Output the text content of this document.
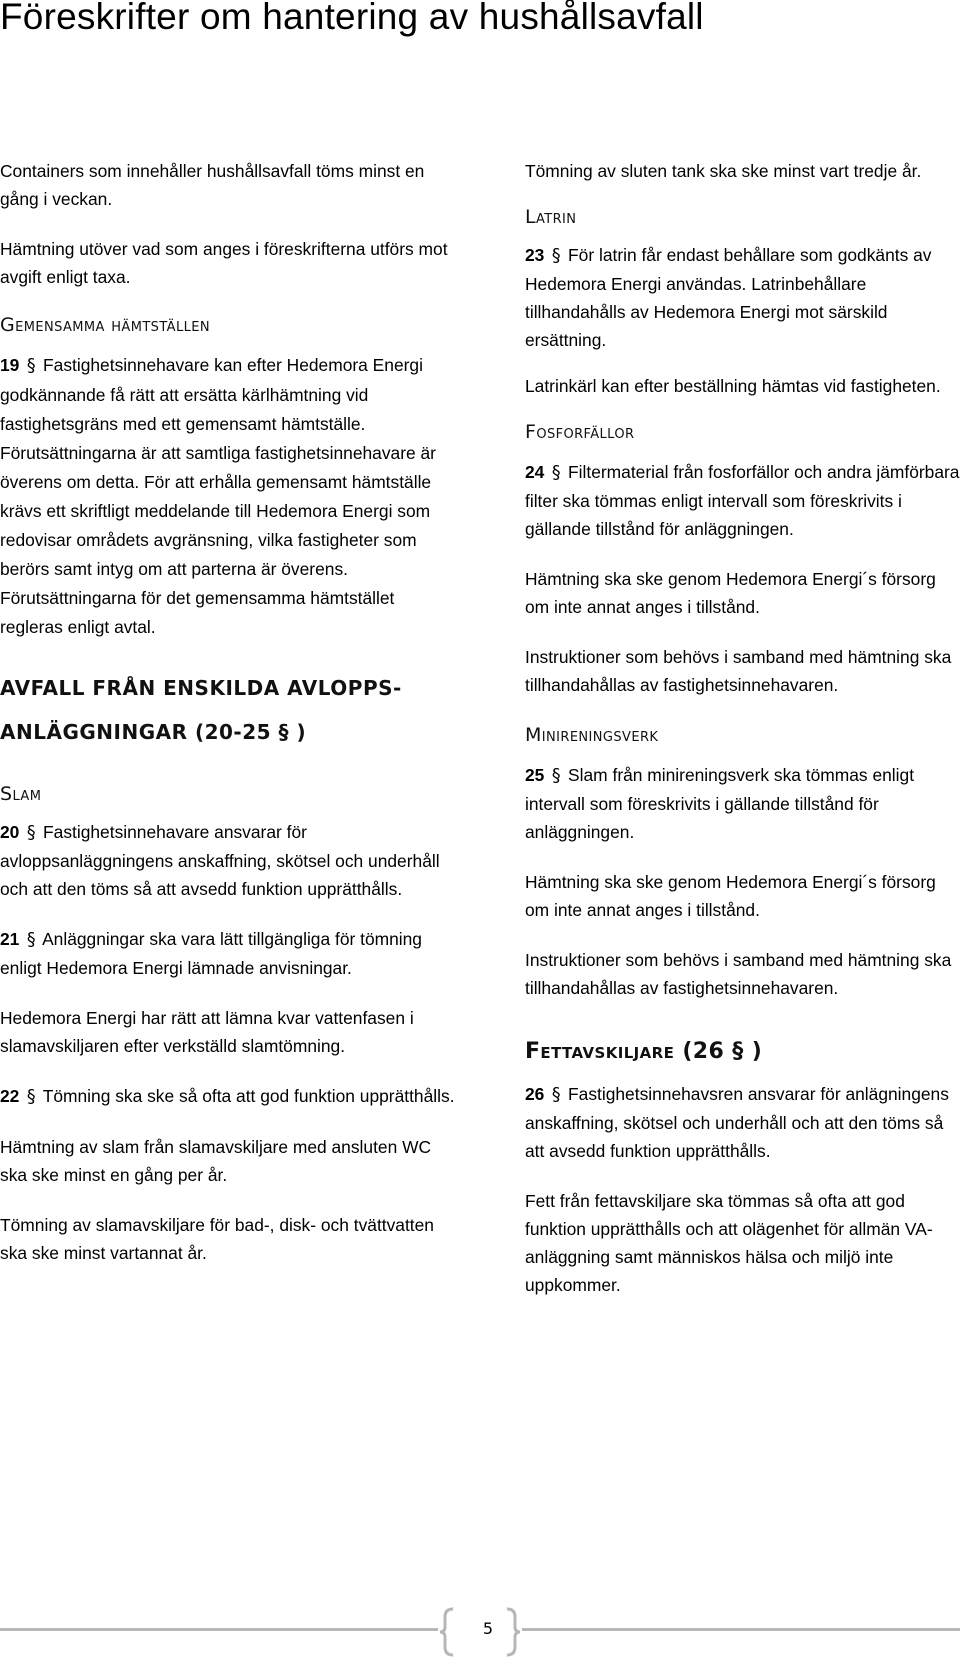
Föreskrifter om hantering av hushållsavfall

Containers som innehåller hushållsavfall töms minst en gång i veckan.

Hämtning utöver vad som anges i föreskrifterna utförs mot avgift enligt taxa.

Gemensamma hämtställen

19 § Fastighetsinnehavare kan efter Hedemora Energi godkännande få rätt att ersätta kärlhämtning vid fastighetsgräns med ett gemensamt hämtställe. Förutsättningarna är att samtliga fastighetsinnehavare är överens om detta. För att erhålla gemensamt hämtställe krävs ett skriftligt meddelande till Hedemora Energi som redovisar områdets avgränsning, vilka fastigheter som berörs samt intyg om att parterna är överens. Förutsättningarna för det gemensamma hämtstället regleras enligt avtal.

AVFALL FRÅN ENSKILDA AVLOPPS-

ANLÄGGNINGAR (20-25 § )

Slam

20 § Fastighetsinnehavare ansvarar för avloppsanläggningens anskaffning, skötsel och underhåll och att den töms så att avsedd funktion upprätthålls.

21 § Anläggningar ska vara lätt tillgängliga för tömning enligt Hedemora Energi lämnade anvisningar.

Hedemora Energi har rätt att lämna kvar vattenfasen i slamavskiljaren efter verkställd slamtömning.

22 § Tömning ska ske så ofta att god funktion upprätthålls.

Hämtning av slam från slamavskiljare med ansluten WC ska ske minst en gång per år.

Tömning av slamavskiljare för bad-, disk- och tvättvatten ska ske minst vartannat år.

Tömning av sluten tank ska ske minst vart tredje år.

Latrin

23 § För latrin får endast behållare som godkänts av Hedemora Energi användas. Latrinbehållare tillhandahålls av Hedemora Energi mot särskild ersättning.

Latrinkärl kan efter beställning hämtas vid fastigheten.

Fosforfällor

24 § Filtermaterial från fosforfällor och andra jämförbara filter ska tömmas enligt intervall som föreskrivits i gällande tillstånd för anläggningen.

Hämtning ska ske genom Hedemora Energi´s försorg om inte annat anges i tillstånd.

Instruktioner som behövs i samband med hämtning ska tillhandahållas av fastighetsinnehavaren.

Minireningsverk

25 § Slam från minireningsverk ska tömmas enligt intervall som föreskrivits i gällande tillstånd för anläggningen.

Hämtning ska ske genom Hedemora Energi´s försorg om inte annat anges i tillstånd.

Instruktioner som behövs i samband med hämtning ska tillhandahållas av fastighetsinnehavaren.

Fettavskiljare (26 § )

26 § Fastighetsinnehavsren ansvarar för anlägningens anskaffning, skötsel och underhåll och att den töms så att avsedd funktion upprätthålls.

Fett från fettavskiljare ska tömmas så ofta att god funktion upprätthålls och att olägenhet för allmän VA-anläggning samt människos hälsa och miljö inte uppkommer.

5
